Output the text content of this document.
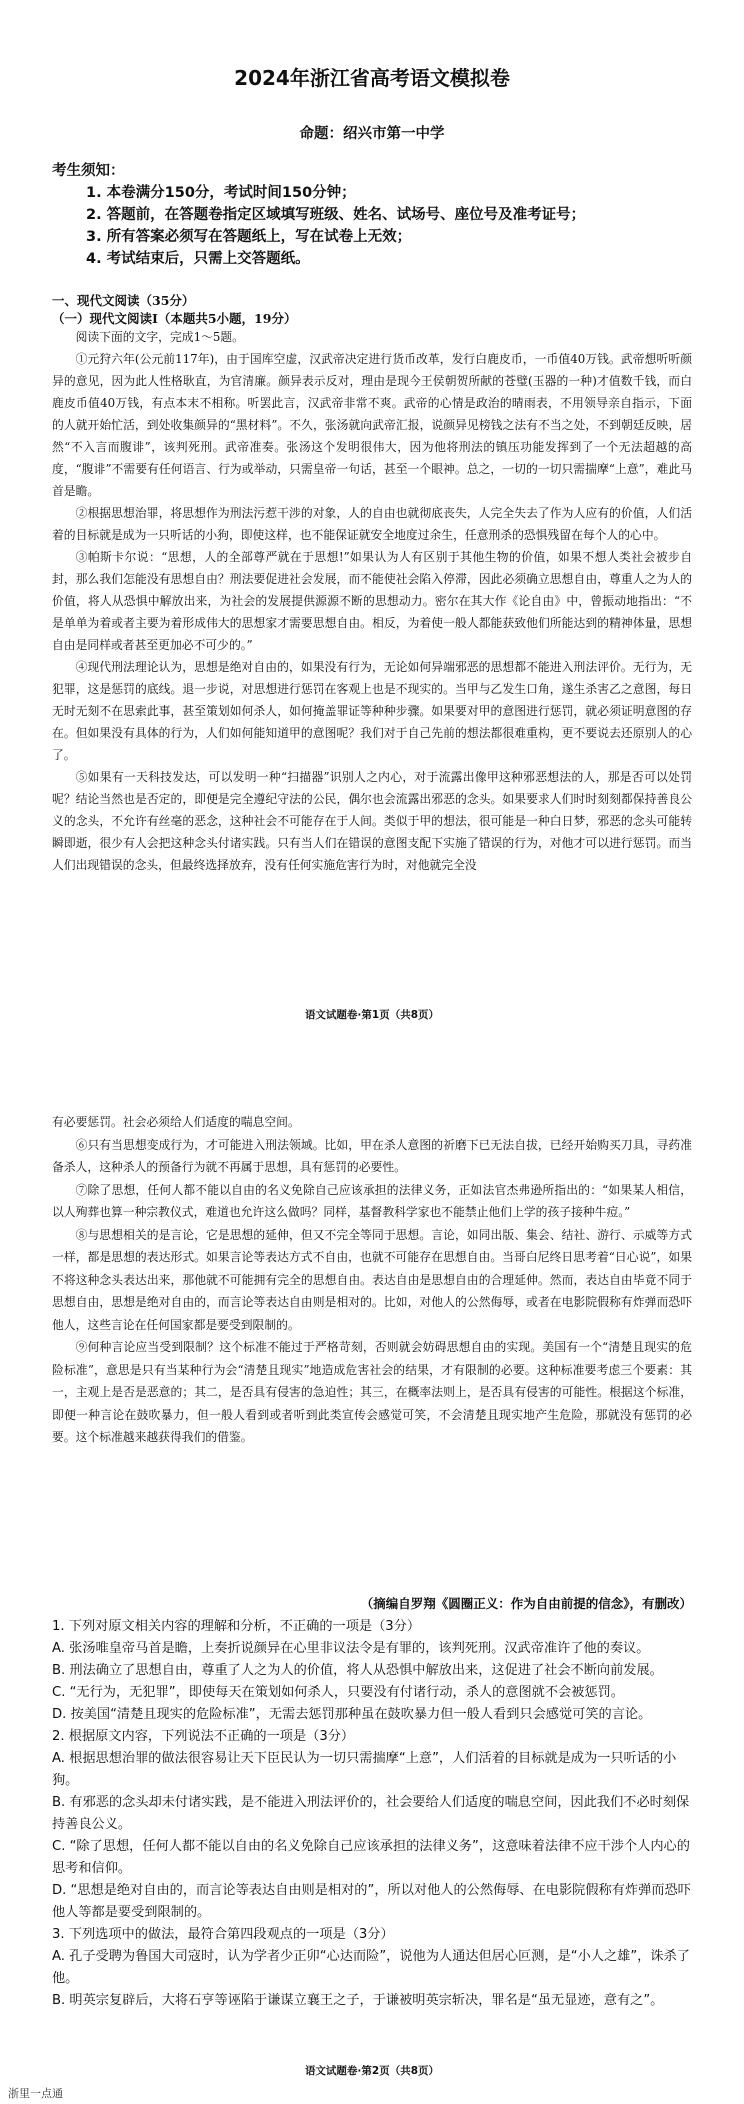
2024年浙江省高考语文模拟卷
命题：绍兴市第一中学
考生须知：
1. 本卷满分150分，考试时间150分钟；
2. 答题前，在答题卷指定区域填写班级、姓名、试场号、座位号及准考证号；
3. 所有答案必须写在答题纸上，写在试卷上无效；
4. 考试结束后，只需上交答题纸。
一、现代文阅读（35分）
（一）现代文阅读Ⅰ（本题共5小题，19分）

阅读下面的文字，完成1～5题。

①元狩六年(公元前117年)，由于国库空虚，汉武帝决定进行货币改革，发行白鹿皮币，一币值40万钱。武帝想听听颜异的意见，因为此人性格耿直，为官清廉。颜异表示反对，理由是现今王侯朝贺所献的苍璧(玉器的一种)才值数千钱，而白鹿皮币值40万钱，有点本末不相称。听罢此言，汉武帝非常不爽。武帝的心情是政治的晴雨表，不用领导亲自指示，下面的人就开始忙活，到处收集颜异的“黑材料”。不久，张汤就向武帝汇报，说颜异见榜钱之法有不当之处，不到朝廷反映，居然“不入言而腹诽”，该判死刑。武帝准奏。张汤这个发明很伟大，因为他将刑法的镇压功能发挥到了一个无法超越的高度，“腹诽”不需要有任何语言、行为或举动，只需皇帝一句话，甚至一个眼神。总之，一切的一切只需揣摩“上意”，难此马首是瞻。

②根据思想治罪，将思想作为刑法污惹干涉的对象，人的自由也就彻底丧失，人完全失去了作为人应有的价值，人们活着的目标就是成为一只听话的小狗，即使这样，也不能保证就安全地度过余生，任意刑杀的恐惧残留在每个人的心中。

③帕斯卡尔说：“思想，人的全部尊严就在于思想!”如果认为人有区别于其他生物的价值，如果不想人类社会被步自封，那么我们怎能没有思想自由？刑法要促进社会发展，而不能使社会陷入停滞，因此必须确立思想自由，尊重人之为人的价值，将人从恐惧中解放出来，为社会的发展提供源源不断的思想动力。密尔在其大作《论自由》中，曾振动地指出：“不是单单为着或者主要为着形成伟大的思想家才需要思想自由。相反，为着使一般人都能获致他们所能达到的精神体量，思想自由是同样或者甚至更加必不可少的。”

④现代刑法理论认为，思想是绝对自由的，如果没有行为，无论如何异端邪恶的思想都不能进入刑法评价。无行为，无犯罪，这是惩罚的底线。退一步说，对思想进行惩罚在客观上也是不现实的。当甲与乙发生口角，遂生杀害乙之意图，每日无时无刻不在思索此事，甚至策划如何杀人，如何掩盖罪证等种种步骤。如果要对甲的意图进行惩罚，就必须证明意图的存在。但如果没有具体的行为，人们如何能知道甲的意图呢？我们对于自己先前的想法都很难重构，更不要说去还原别人的心了。

⑤如果有一天科技发达，可以发明一种“扫描器”识别人之内心，对于流露出像甲这种邪恶想法的人，那是否可以处罚呢？结论当然也是否定的，即便是完全遵纪守法的公民，偶尔也会流露出邪恶的念头。如果要求人们时时刻刻都保持善良公义的念头，不允许有丝毫的恶念，这种社会不可能存在于人间。类似于甲的想法，很可能是一种白日梦，邪恶的念头可能转瞬即逝，很少有人会把这种念头付诸实践。只有当人们在错误的意图支配下实施了错误的行为，对他才可以进行惩罚。而当人们出现错误的念头，但最终选择放弃，没有任何实施危害行为时，对他就完全没

语文试题卷·第1页（共8页）

有必要惩罚。社会必须给人们适度的喘息空间。

⑥只有当思想变成行为，才可能进入刑法领域。比如，甲在杀人意图的祈磨下已无法自拔，已经开始购买刀具，寻药准备杀人，这种杀人的预备行为就不再属于思想，具有惩罚的必要性。

⑦除了思想，任何人都不能以自由的名义免除自己应该承担的法律义务，正如法官杰弗逊所指出的：“如果某人相信，以人殉葬也算一种宗教仪式，难道也允许这么做吗？同样，基督教科学家也不能禁止他们上学的孩子接种牛痘。”

⑧与思想相关的是言论，它是思想的延伸，但又不完全等同于思想。言论，如同出版、集会、结社、游行、示威等方式一样，都是思想的表达形式。如果言论等表达方式不自由，也就不可能存在思想自由。当哥白尼终日思考着“日心说”，如果不将这种念头表达出来，那他就不可能拥有完全的思想自由。表达自由是思想自由的合理延伸。然而，表达自由毕竟不同于思想自由，思想是绝对自由的，而言论等表达自由则是相对的。比如，对他人的公然侮辱，或者在电影院假称有炸弹而恐吓他人，这些言论在任何国家都是要受到限制的。

⑨何种言论应当受到限制？这个标准不能过于严格苛刻，否则就会妨碍思想自由的实现。美国有一个“清楚且现实的危险标准”，意思是只有当某种行为会“清楚且现实”地造成危害社会的结果，才有限制的必要。这种标准要考虑三个要素：其一，主观上是否是恶意的；其二，是否具有侵害的急迫性；其三，在概率法则上，是否具有侵害的可能性。根据这个标准，即便一种言论在鼓吹暴力，但一般人看到或者听到此类宣传会感觉可笑，不会清楚且现实地产生危险，那就没有惩罚的必要。这个标准越来越获得我们的借鉴。

（摘编自罗翔《圆圈正义：作为自由前提的信念》，有删改）

1. 下列对原文相关内容的理解和分析，不正确的一项是（3分）

A. 张汤唯皇帝马首是瞻，上奏折说颜异在心里非议法令是有罪的，该判死刑。汉武帝准许了他的奏议。

B. 刑法确立了思想自由，尊重了人之为人的价值，将人从恐惧中解放出来，这促进了社会不断向前发展。

C. “无行为，无犯罪”，即使每天在策划如何杀人，只要没有付诸行动，杀人的意图就不会被惩罚。

D. 按美国“清楚且现实的危险标准”，无需去惩罚那种虽在鼓吹暴力但一般人看到只会感觉可笑的言论。

2. 根据原文内容，下列说法不正确的一项是（3分）

A. 根据思想治罪的做法很容易让天下臣民认为一切只需揣摩“上意”，人们活着的目标就是成为一只听话的小狗。

B. 有邪恶的念头却未付诸实践，是不能进入刑法评价的，社会要给人们适度的喘息空间，因此我们不必时刻保持善良公义。

C. “除了思想，任何人都不能以自由的名义免除自己应该承担的法律义务”，这意味着法律不应干涉个人内心的思考和信仰。

D. “思想是绝对自由的，而言论等表达自由则是相对的”，所以对他人的公然侮辱、在电影院假称有炸弹而恐吓他人等都是要受到限制的。

3. 下列选项中的做法，最符合第四段观点的一项是（3分）

A. 孔子受聘为鲁国大司寇时，认为学者少正卯“心达而险”，说他为人通达但居心叵测，是“小人之雄”，诛杀了他。

B. 明英宗复辟后，大将石亨等诬陷于谦谋立襄王之子，于谦被明英宗斩决，罪名是“虽无显迹，意有之”。

语文试题卷·第2页（共8页）
浙里一点通
